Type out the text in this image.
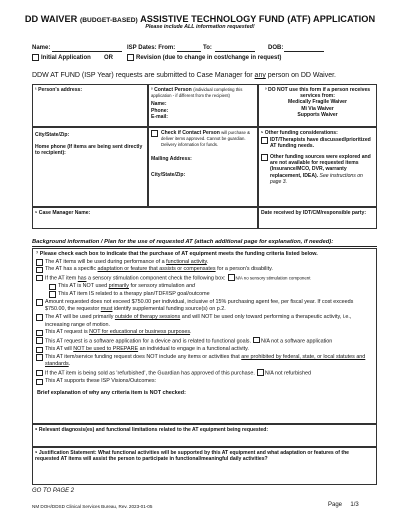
DD WAIVER (BUDGET-BASED) ASSISTIVE TECHNOLOGY FUND (ATF) APPLICATION
Please include ALL information requested!
Name:	ISP Dates: From:	To:	DOB:
Initial Application OR	Revision (due to change in cost/change in request)
DDW AT FUND (ISP Year) requests are submitted to Case Manager for any person on DD Waiver.
¹ Person's address:	² Contact Person (individual completing this application - if different from the recipient)
Name:
Phone:
E-mail:
³ DO NOT use this form if a person receives services from:
Medically Fragile Waiver
Mi Via Waiver
Supports Waiver
City/State/Zip:
Home phone (If items are being sent directly to recipient):
Check if Contact Person will purchase & deliver items approved. Cannot be guardian. Delivery information for funds.
Mailing Address:
City/State/Zip:
⁵ Other funding considerations:
IDT/Therapists have discussed/prioritized AT funding needs.
Other funding sources were explored and are not available for requested items (Insurance/MCO, DVR, warranty replacement, IDEA). See instructions on page 3.
⁶ Case Manager Name:	Date received by IDT/CM/responsible party:
Background information / Plan for the use of requested AT (attach additional page for explanation, if needed):
⁷ Please check each box to indicate that the purchase of AT equipment meets the funding criteria listed below.
The AT items will be used during performance of a functional activity.
The AT has a specific adaptation or feature that assists or compensates for a person's disability.
If the AT item has a sensory stimulation component check the following box: N/A no sensory stimulation component
This AT is NOT used primarily for sensory stimulation and
This AT item IS related to a therapy plan/TDF/ISP goal/outcome
Amount requested does not exceed $750.00 per individual, inclusive of 15% purchasing agent fee, per fiscal year. If cost exceeds $750.00, the requestor must identify supplemental funding source(s) on p.2.
The AT will be used primarily outside of therapy sessions and will NOT be used only toward performing a therapeutic activity, i.e., increasing range of motion.
This AT request is NOT for educational or business purposes.
This AT request is a software application for a device and is related to functional goals. N/A not a software application
This AT will NOT be used to PREPARE an individual to engage in a functional activity.
This AT item/service funding request does NOT include any items or activities that are prohibited by federal, state, or local statutes and standards.
If the AT item is being sold as 'refurbished', the Guardian has approved of this purchase. N/A not refurbished
This AT supports these ISP Visions/Outcomes:
Brief explanation of why any criteria item is NOT checked:
⁸ Relevant diagnosis(es) and functional limitations related to the AT equipment being requested:
⁹ Justification Statement: What functional activities will be supported by this AT equipment and what adaptation or features of the requested AT items will assist the person to participate in functional/meaningful daily activities?
GO TO PAGE 2
NM DOH/DDSD Clinical Services Bureau, Rev. 2023-01-05	Page 1/3
